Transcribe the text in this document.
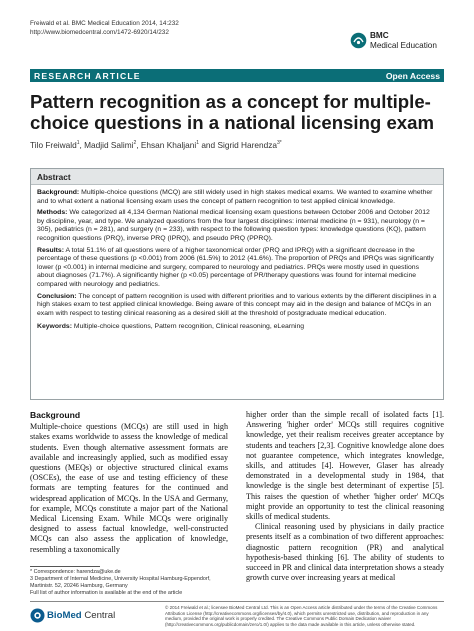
Freiwald et al. BMC Medical Education 2014, 14:232
http://www.biomedcentral.com/1472-6920/14/232	BMC
Medical Education
RESEARCH ARTICLE	Open Access
Pattern recognition as a concept for multiple-choice questions in a national licensing exam
Tilo Freiwald$^1$, Madjid Salimi$^2$, Ehsan Khaljani$^1$ and Sigrid Harendza$^{3*}$
Abstract

Background: Multiple-choice questions (MCQ) are still widely used in high stakes medical exams. We wanted to examine whether and to what extent a national licensing exam uses the concept of pattern recognition to test applied clinical knowledge.

Methods: We categorized all 4,134 German National medical licensing exam questions between October 2006 and October 2012 by discipline, year, and type. We analyzed questions from the four largest disciplines: internal medicine (n = 931), neurology (n = 305), pediatrics (n = 281), and surgery (n = 233), with respect to the following question types: knowledge questions (KQ), pattern recognition questions (PRQ), inverse PRQ (IPRQ), and pseudo PRQ (PPRQ).

Results: A total 51.1% of all questions were of a higher taxonomical order (PRQ and IPRQ) with a significant decrease in the percentage of these questions (p <0.001) from 2006 (61.5%) to 2012 (41.6%). The proportion of PRQs and IPRQs was significantly lower (p <0.001) in internal medicine and surgery, compared to neurology and pediatrics. PRQs were mostly used in questions about diagnoses (71.7%). A significantly higher (p <0.05) percentage of PR/therapy questions was found for internal medicine compared with neurology and pediatrics.

Conclusion: The concept of pattern recognition is used with different priorities and to various extents by the different disciplines in a high stakes exam to test applied clinical knowledge. Being aware of this concept may aid in the design and balance of MCQs in an exam with respect to testing clinical reasoning as a desired skill at the threshold of postgraduate medical education.

Keywords: Multiple-choice questions, Pattern recognition, Clinical reasoning, eLearning

Background

Multiple-choice questions (MCQs) are still used in high stakes exams worldwide to assess the knowledge of medical students. Even though alternative assessment formats are available and increasingly applied, such as modified essay questions (MEQs) or objective structured clinical exams (OSCEs), the ease of use and testing efficiency of these formats are tempting features for the continued and widespread application of MCQs. In the USA and Germany, for example, MCQs constitute a major part of the National Medical Licensing Exam. While MCQs were originally designed to assess factual knowledge, well-constructed MCQs can also assess the application of knowledge, resembling a taxonomically

higher order than the simple recall of isolated facts [1]. Answering 'higher order' MCQs still requires cognitive knowledge, yet their realism receives greater acceptance by students and teachers [2,3]. Cognitive knowledge alone does not guarantee competence, which integrates knowledge, skills, and attitudes [4]. However, Glaser has already demonstrated in a developmental study in 1984, that knowledge is the single best determinant of expertise [5]. This raises the question of whether 'higher order' MCQs might provide an opportunity to test the clinical reasoning skills of medical students.

Clinical reasoning used by physicians in daily practice presents itself as a combination of two different approaches: diagnostic pattern recognition (PR) and analytical hypothesis-based thinking [6]. The ability of students to succeed in PR and clinical data interpretation shows a steady growth curve over increasing years at medical

* Correspondence: harendza@uke.de
3 Department of Internal Medicine, University Hospital Hamburg-Eppendorf,
Martinistr. 52, 20246 Hamburg, Germany
Full list of author information is available at the end of the article
BioMed Central
© 2014 Freiwald et al.; licensee BioMed Central Ltd. This is an Open Access article distributed under the terms of the Creative Commons Attribution License (http://creativecommons.org/licenses/by/4.0), which permits unrestricted use, distribution, and reproduction in any medium, provided the original work is properly credited. The Creative Commons Public Domain Dedication waiver (http://creativecommons.org/publicdomain/zero/1.0/) applies to the data made available in this article, unless otherwise stated.
